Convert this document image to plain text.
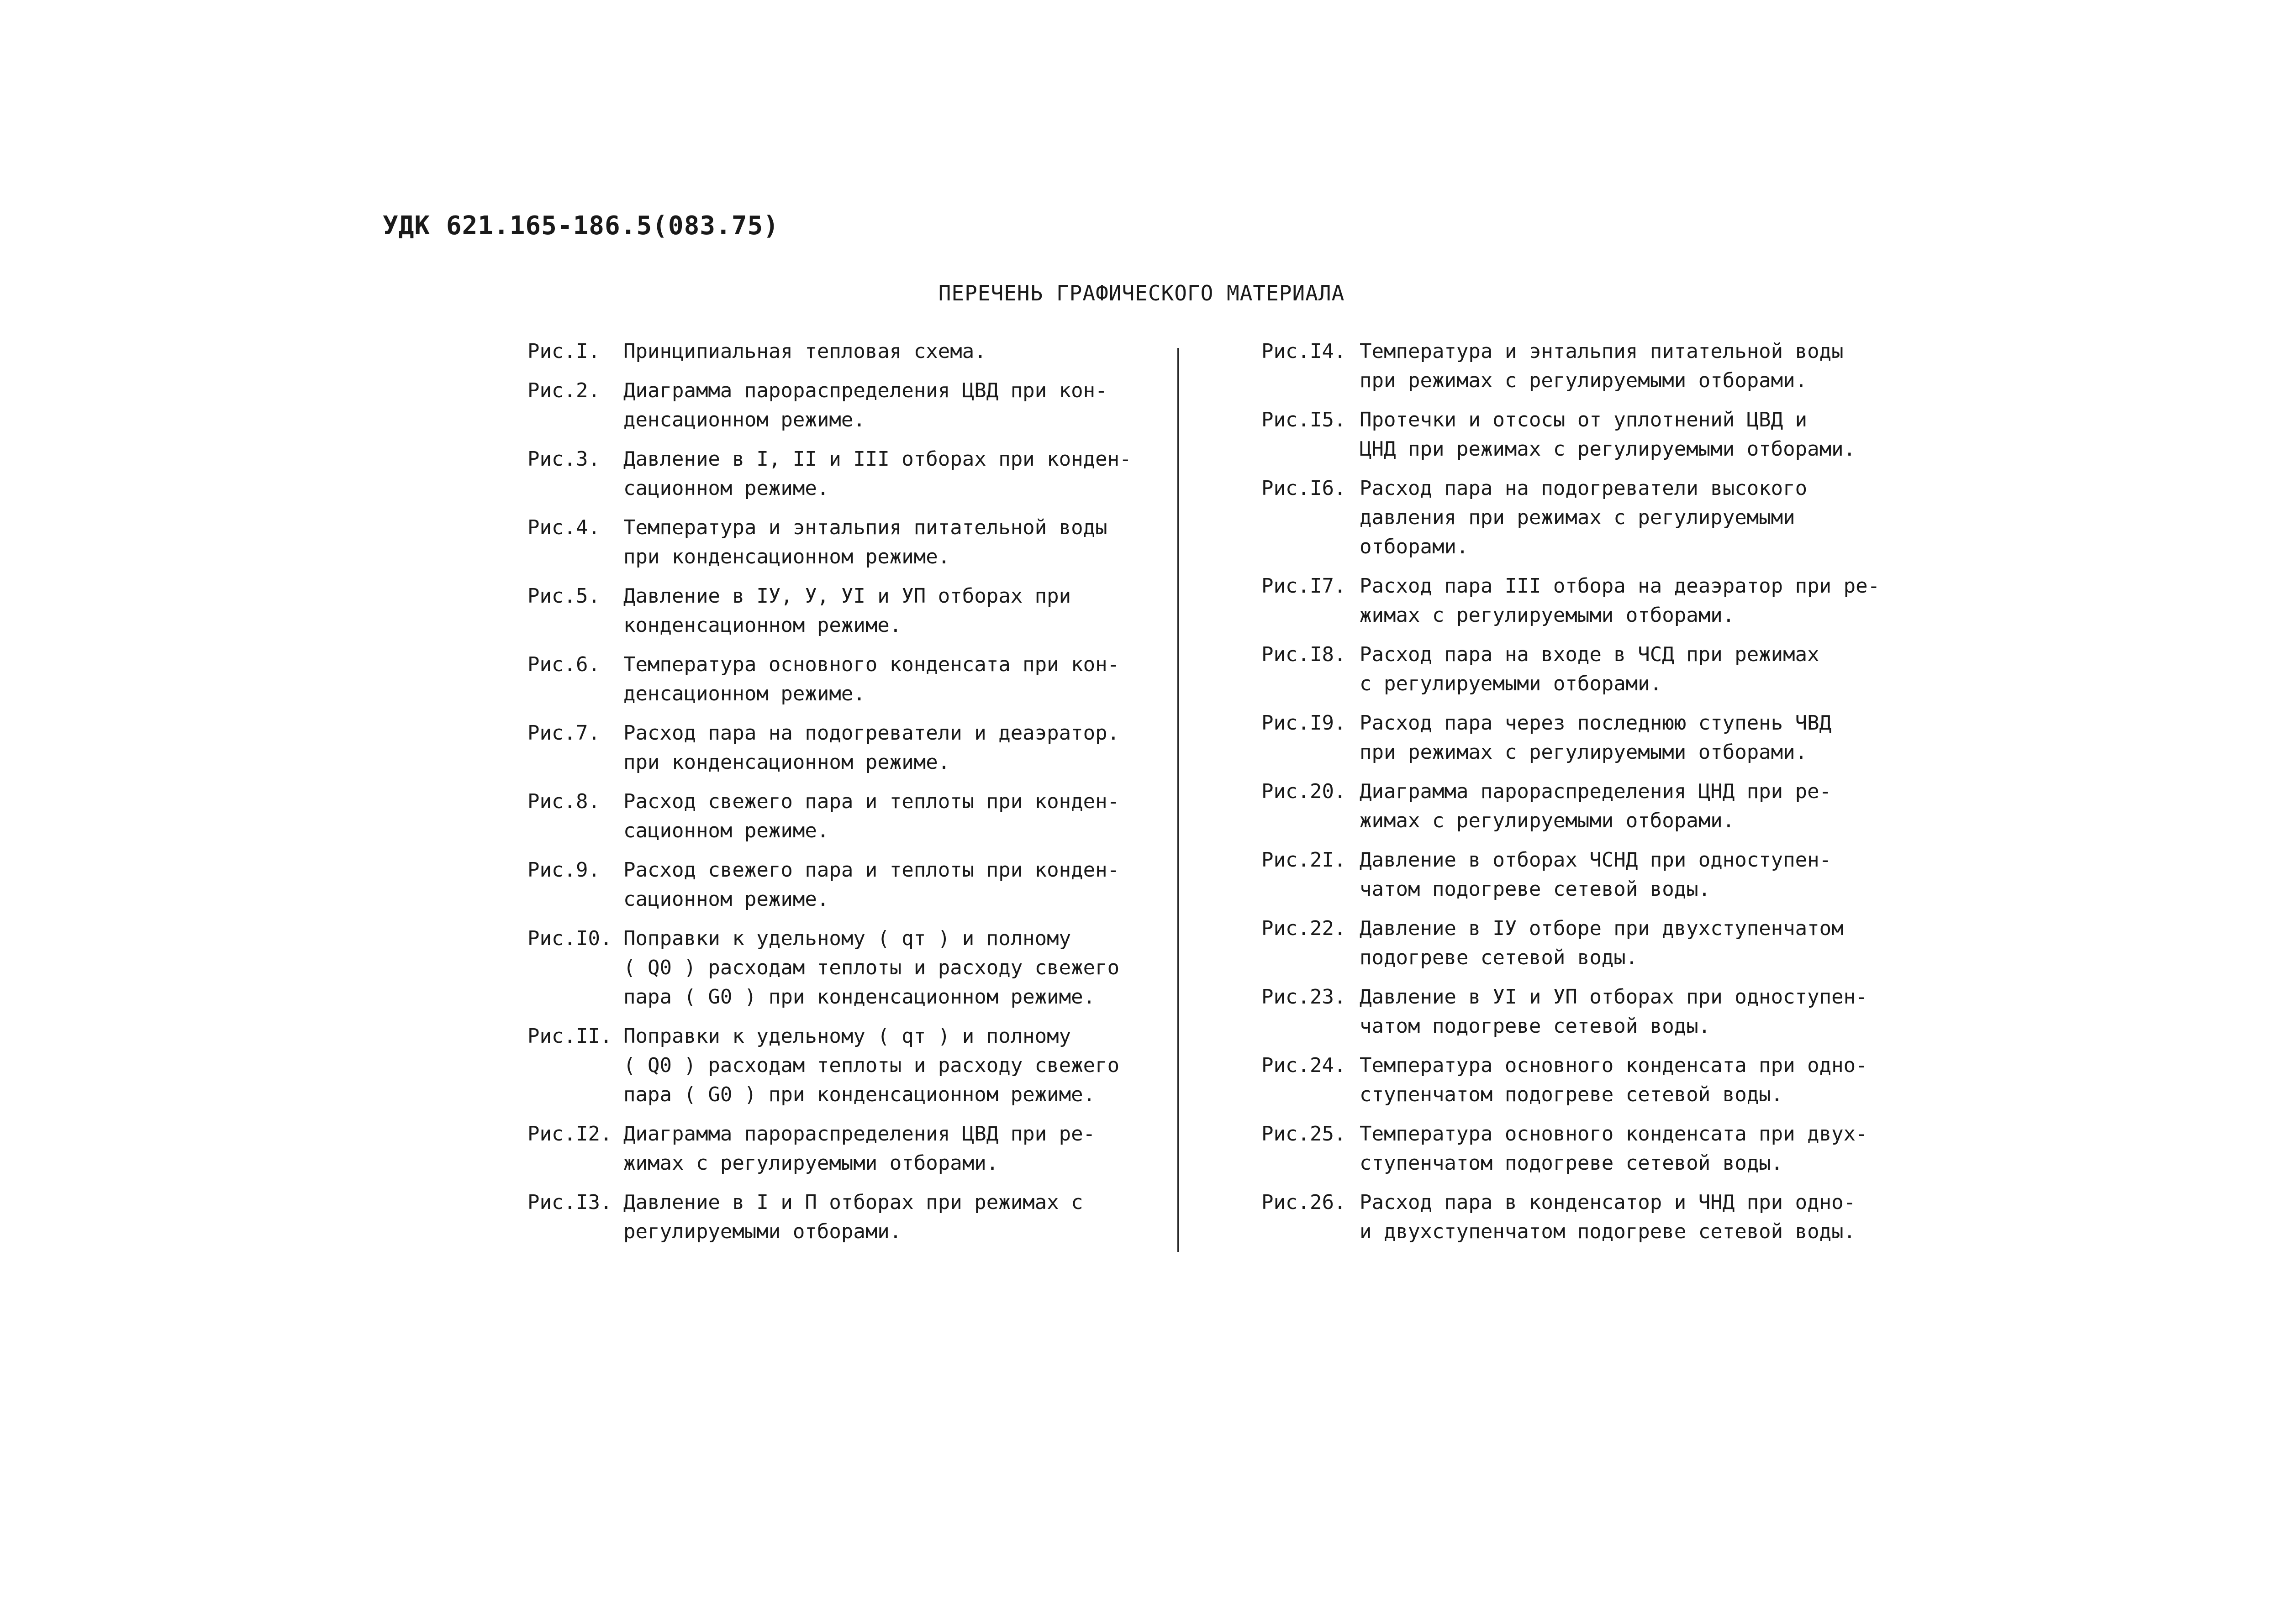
УДК 621.165-186.5(083.75)
ПЕРЕЧЕНЬ ГРАФИЧЕСКОГО МАТЕРИАЛА
Рис.I.	Принципиальная тепловая схема.
Рис.2.	Диаграмма парораспределения ЦВД при кон-
денсационном режиме.
Рис.3.	Давление в I, II и III отборах при конден-
сационном режиме.
Рис.4.	Температура и энтальпия питательной воды
при конденсационном режиме.
Рис.5.	Давление в IУ, У, УI и УП отборах при
конденсационном режиме.
Рис.6.	Температура основного конденсата при кон-
денсационном режиме.
Рис.7.	Расход пара на подогреватели и деаэратор.
при конденсационном режиме.
Рис.8.	Расход свежего пара и теплоты при конден-
сационном режиме.
Рис.9.	Расход свежего пара и теплоты при конден-
сационном режиме.
Рис.I0. Поправки к удельному ( qт ) и полному
( Q0 ) расходам теплоты и расходу свежего
пара ( G0 ) при конденсационном режиме.
Рис.II. Поправки к удельному ( qт ) и полному
( Q0 ) расходам теплоты и расходу свежего
пара ( G0 ) при конденсационном режиме.
Рис.I2. Диаграмма парораспределения ЦВД при ре-
жимах с регулируемыми отборами.
Рис.I3. Давление в I и П отборах при режимах с
регулируемыми отборами.
Рис.I4. Температура и энтальпия питательной воды
при режимах с регулируемыми отборами.
Рис.I5. Протечки и отсосы от уплотнений ЦВД и
ЦНД при режимах с регулируемыми отборами.
Рис.I6. Расход пара на подогреватели высокого
давления при режимах с регулируемыми
отборами.
Рис.I7. Расход пара III отбора на деаэратор при ре-
жимах с регулируемыми отборами.
Рис.I8. Расход пара на входе в ЧСД при режимах
с регулируемыми отборами.
Рис.I9. Расход пара через последнюю ступень ЧВД
при режимах с регулируемыми отборами.
Рис.20. Диаграмма парораспределения ЦНД при ре-
жимах с регулируемыми отборами.
Рис.2I. Давление в отборах ЧСНД при одноступен-
чатом подогреве сетевой воды.
Рис.22. Давление в IУ отборе при двухступенчатом
подогреве сетевой воды.
Рис.23. Давление в УI и УП отборах при одноступен-
чатом подогреве сетевой воды.
Рис.24. Температура основного конденсата при одно-
ступенчатом подогреве сетевой воды.
Рис.25. Температура основного конденсата при двух-
ступенчатом подогреве сетевой воды.
Рис.26. Расход пара в конденсатор и ЧНД при одно-
и двухступенчатом подогреве сетевой воды.
